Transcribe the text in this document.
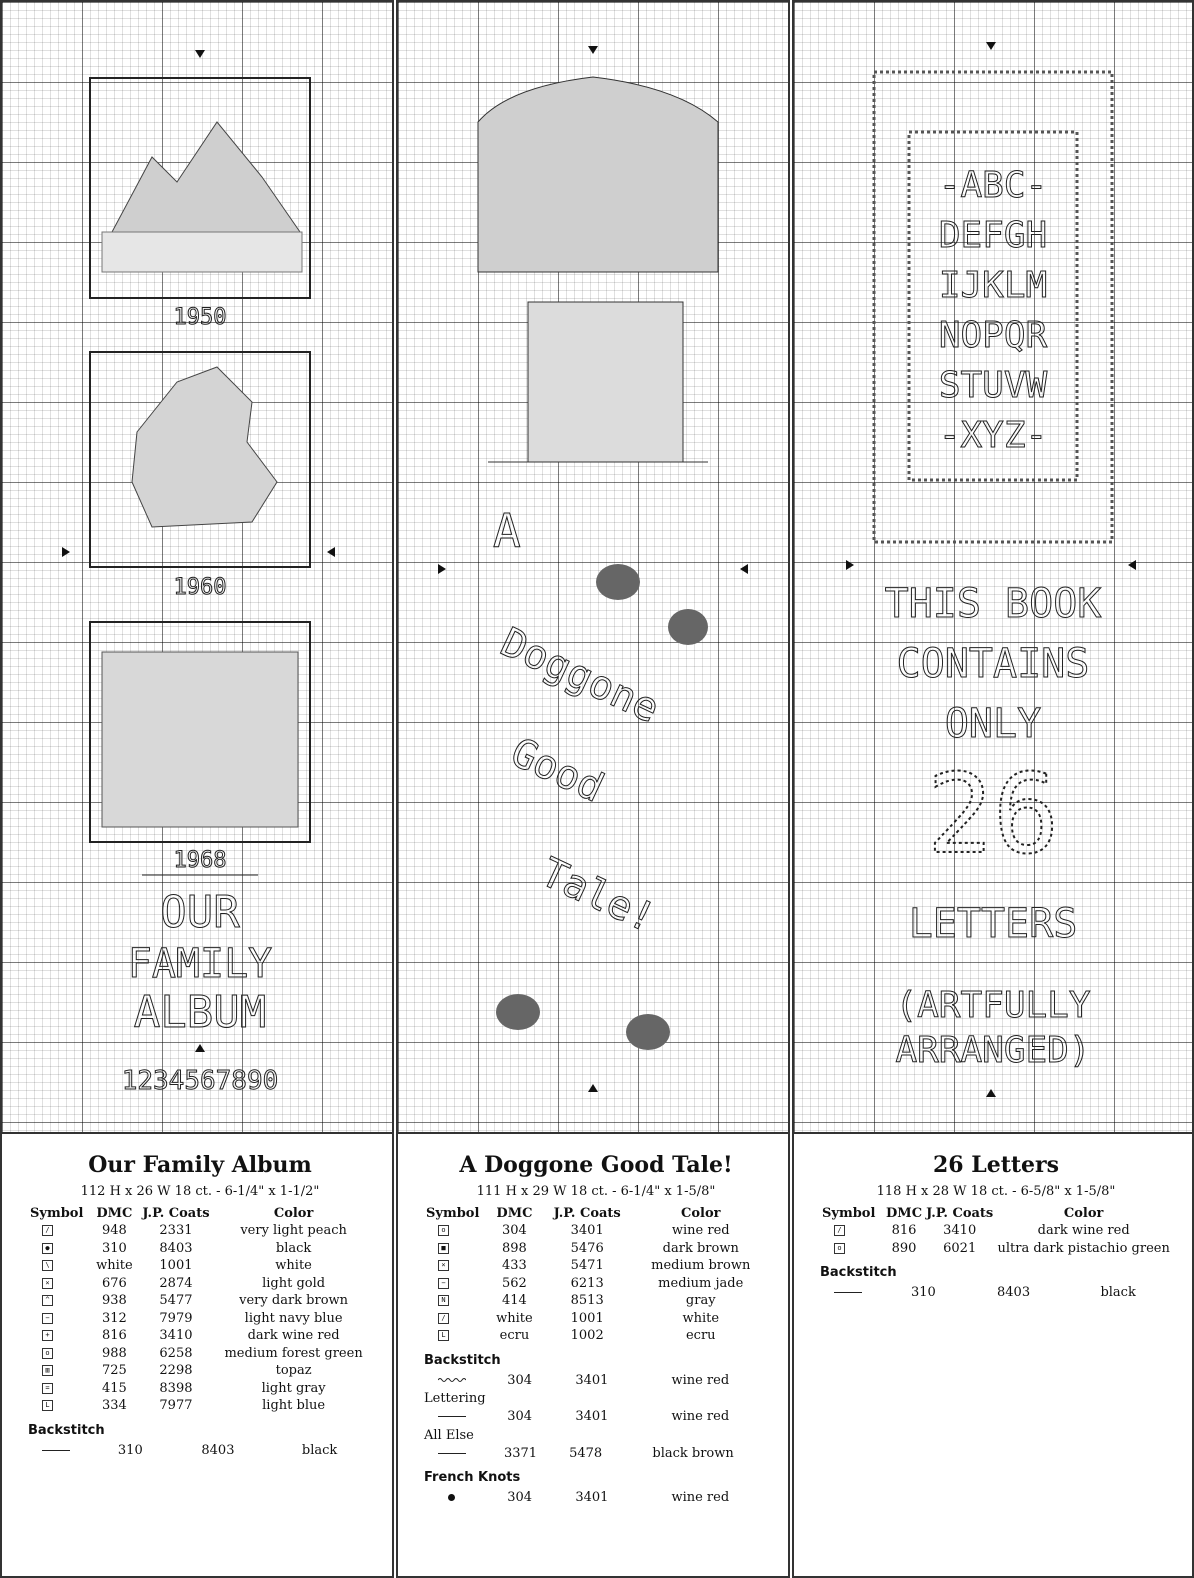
1950
1960
1968
OUR
FAMILY
ALBUM
1234567890
Our Family Album
112 H x 26 W 18 ct. - 6-1/4" x 1-1/2"
Symbol	DMC	J.P. Coats	Color
/	948	2331	very light peach
●	310	8403	black
\	white	1001	white
×	676	2874	light gold
^	938	5477	very dark brown
−	312	7979	light navy blue
+	816	3410	dark wine red
o	988	6258	medium forest green
▥	725	2298	topaz
=	415	8398	light gray
L	334	7977	light blue
Backstitch
	310	8403	black
A
Doggone
Good
Tale!
A Doggone Good Tale!
111 H x 29 W 18 ct. - 6-1/4" x 1-5/8"
Symbol	DMC	J.P. Coats	Color
o	304	3401	wine red
■	898	5476	dark brown
×	433	5471	medium brown
−	562	6213	medium jade
N	414	8513	gray
/	white	1001	white
L	ecru	1002	ecru
Backstitch
	304	3401	wine red
Lettering
	304	3401	wine red
All Else
	3371	5478	black brown
French Knots
	304	3401	wine red
-ABC-
DEFGH
IJKLM
NOPQR
STUVW
-XYZ-
THIS BOOK
CONTAINS
ONLY
26
LETTERS
(ARTFULLY
ARRANGED)
26 Letters
118 H x 28 W 18 ct. - 6-5/8" x 1-5/8"
Symbol	DMC	J.P. Coats	Color
/	816	3410	dark wine red
o	890	6021	ultra dark pistachio green
Backstitch
	310	8403	black
